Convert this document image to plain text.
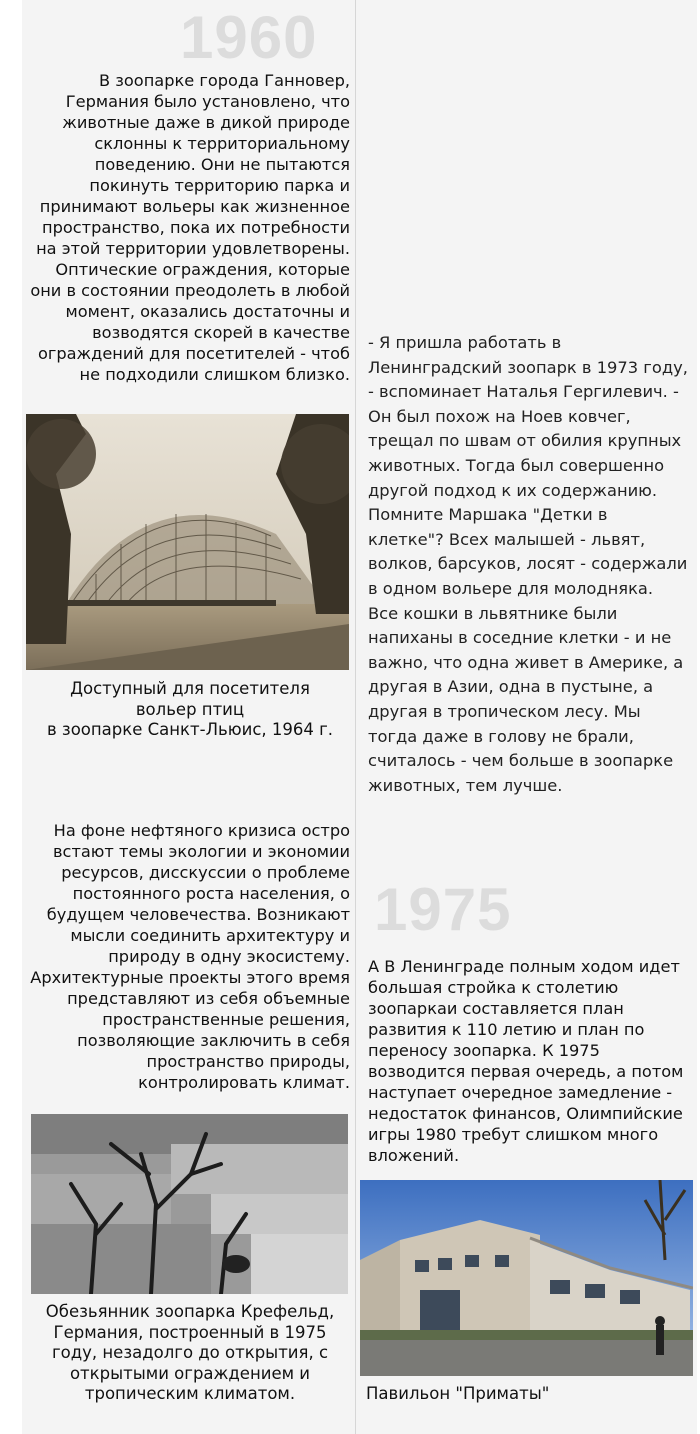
1960
В зоопарке города Ганновер, Германия было установлено, что животные даже в дикой природе склонны к территориальному поведению. Они не пытаются покинуть территорию парка и принимают вольеры как жизненное пространство, пока их потребности на этой территории удовлетворены. Оптические ограждения, которые они в состоянии преодолеть в любой момент, оказались достаточны и возводятся скорей в качестве ограждений для посетителей - чтоб не подходили слишком близко.
Доступный для посетителя
вольер птиц
в зоопарке Санкт-Льюис, 1964 г.
На фоне нефтяного кризиса остро встают темы экологии и экономии ресурсов, дисскуссии о проблеме постоянного роста населения, о будущем человечества. Возникают мысли соединить архитектуру и природу в одну экосистему. Архитектурные проекты этого время представляют из себя объемные пространственные решения, позволяющие заключить в себя пространство природы, контролировать климат.
Обезьянник зоопарка Крефельд,
Германия, построенный в 1975
году, незадолго до открытия, с
открытыми ограждением и
тропическим климатом.
- Я пришла работать в Ленинградский зоопарк в 1973 году, - вспоминает Наталья Гергилевич. - Он был похож на Ноев ковчег, трещал по швам от обилия крупных животных. Тогда был совершенно другой подход к их содержанию. Помните Маршака "Детки в клетке"? Всех малышей - львят, волков, барсуков, лосят - содержали в одном вольере для молодняка. Все кошки в львятнике были напиханы в соседние клетки - и не важно, что одна живет в Америке, а другая в Азии, одна в пустыне, а другая в тропическом лесу. Мы тогда даже в голову не брали, считалось - чем больше в зоопарке животных, тем лучше.
1975
А В Ленинграде полным ходом идет большая стройка к столетию зоопаркаи составляется план развития к 110 летию и план по переносу зоопарка. К 1975 возводится первая очередь, а потом наступает очередное замедление - недостаток финансов, Олимпийские игры 1980 требут слишком много вложений.
Павильон "Приматы"
